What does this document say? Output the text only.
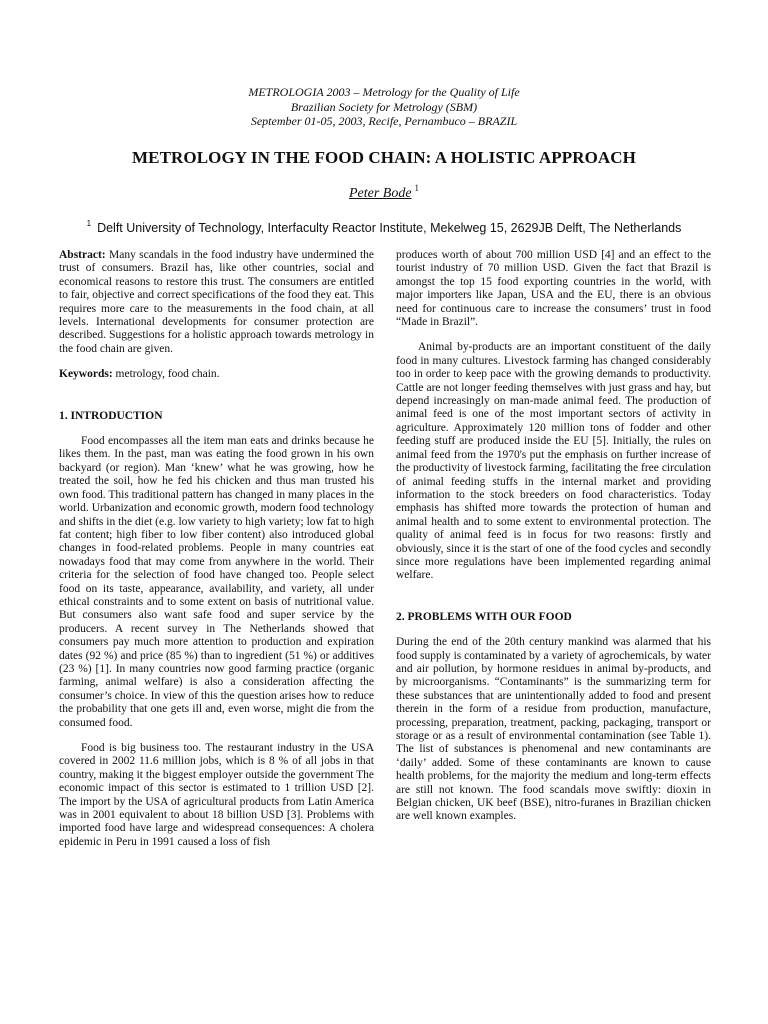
METROLOGIA 2003 – Metrology for the Quality of Life
Brazilian Society for Metrology (SBM)
September 01-05, 2003, Recife, Pernambuco – BRAZIL
METROLOGY IN THE FOOD CHAIN: A HOLISTIC APPROACH
Peter Bode $^1$
$^1$ Delft University of Technology, Interfaculty Reactor Institute, Mekelweg 15, 2629JB Delft, The Netherlands

Abstract: Many scandals in the food industry have undermined the trust of consumers. Brazil has, like other countries, social and economical reasons to restore this trust. The consumers are entitled to fair, objective and correct specifications of the food they eat. This requires more care to the measurements in the food chain, at all levels. International developments for consumer protection are described. Suggestions for a holistic approach towards metrology in the food chain are given.

Keywords: metrology, food chain.

1. INTRODUCTION

Food encompasses all the item man eats and drinks because he likes them. In the past, man was eating the food grown in his own backyard (or region). Man ‘knew’ what he was growing, how he treated the soil, how he fed his chicken and thus man trusted his own food. This traditional pattern has changed in many places in the world. Urbanization and economic growth, modern food technology and shifts in the diet (e.g. low variety to high variety; low fat to high fat content; high fiber to low fiber content) also introduced global changes in food-related problems. People in many countries eat nowadays food that may come from anywhere in the world. Their criteria for the selection of food have changed too. People select food on its taste, appearance, availability, and variety, all under ethical constraints and to some extent on basis of nutritional value. But consumers also want safe food and super service by the producers. A recent survey in The Netherlands showed that consumers pay much more attention to production and expiration dates (92 %) and price (85 %) than to ingredient (51 %) or additives (23 %) [1]. In many countries now good farming practice (organic farming, animal welfare) is also a consideration affecting the consumer’s choice. In view of this the question arises how to reduce the probability that one gets ill and, even worse, might die from the consumed food.

Food is big business too. The restaurant industry in the USA covered in 2002 11.6 million jobs, which is 8 % of all jobs in that country, making it the biggest employer outside the government The economic impact of this sector is estimated to 1 trillion USD [2]. The import by the USA of agricultural products from Latin America was in 2001 equivalent to about 18 billion USD [3]. Problems with imported food have large and widespread consequences: A cholera epidemic in Peru in 1991 caused a loss of fish

produces worth of about 700 million USD [4] and an effect to the tourist industry of 70 million USD. Given the fact that Brazil is amongst the top 15 food exporting countries in the world, with major importers like Japan, USA and the EU, there is an obvious need for continuous care to increase the consumers’ trust in food “Made in Brazil”.

Animal by-products are an important constituent of the daily food in many cultures. Livestock farming has changed considerably too in order to keep pace with the growing demands to productivity. Cattle are not longer feeding themselves with just grass and hay, but depend increasingly on man-made animal feed. The production of animal feed is one of the most important sectors of activity in agriculture. Approximately 120 million tons of fodder and other feeding stuff are produced inside the EU [5]. Initially, the rules on animal feed from the 1970's put the emphasis on further increase of the productivity of livestock farming, facilitating the free circulation of animal feeding stuffs in the internal market and providing information to the stock breeders on food characteristics. Today emphasis has shifted more towards the protection of human and animal health and to some extent to environmental protection. The quality of animal feed is in focus for two reasons: firstly and obviously, since it is the start of one of the food cycles and secondly since more regulations have been implemented regarding animal welfare.

2. PROBLEMS WITH OUR FOOD

During the end of the 20th century mankind was alarmed that his food supply is contaminated by a variety of agrochemicals, by water and air pollution, by hormone residues in animal by-products, and by microorganisms. “Contaminants” is the summarizing term for these substances that are unintentionally added to food and present therein in the form of a residue from production, manufacture, processing, preparation, treatment, packing, packaging, transport or storage or as a result of environmental contamination (see Table 1). The list of substances is phenomenal and new contaminants are ‘daily’ added. Some of these contaminants are known to cause health problems, for the majority the medium and long-term effects are still not known. The food scandals move swiftly: dioxin in Belgian chicken, UK beef (BSE), nitro-furanes in Brazilian chicken are well known examples.
